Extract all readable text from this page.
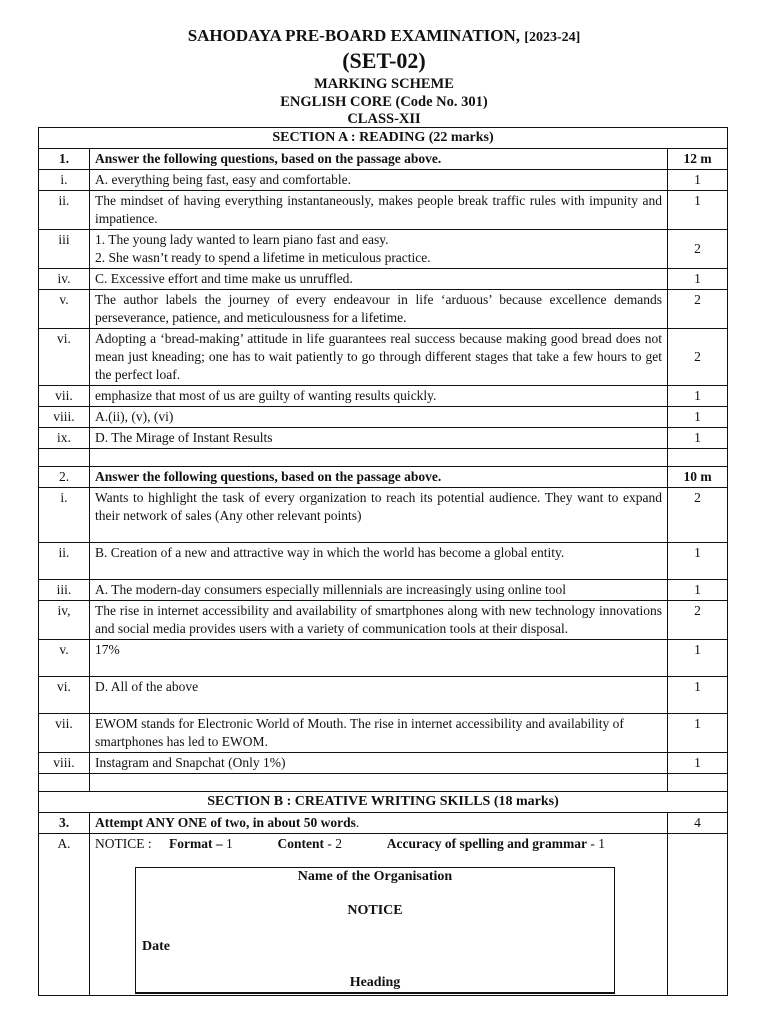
SAHODAYA PRE-BOARD EXAMINATION, [2023-24]

(SET-02)

MARKING SCHEME

ENGLISH CORE (Code No. 301)

CLASS-XII

SECTION A : READING (22 marks)		
1.	Answer the following questions, based on the passage above.	12 m
i.	A. everything being fast, easy and comfortable.	1
ii.	The mindset of having everything instantaneously, makes people break traffic rules with impunity and impatience.	1
iii	1. The young lady wanted to learn piano fast and easy.
2. She wasn’t ready to spend a lifetime in meticulous practice.	2
iv.	C. Excessive effort and time make us unruffled.	1
v.	The author labels the journey of every endeavour in life ‘arduous’ because excellence demands perseverance, patience, and meticulousness for a lifetime.	2
vi.	Adopting a ‘bread-making’ attitude in life guarantees real success because making good bread does not mean just kneading; one has to wait patiently to go through different stages that take a few hours to get the perfect loaf.	2
vii.	emphasize that most of us are guilty of wanting results quickly.	1
viii.	A.(ii), (v), (vi)	1
ix.	D. The Mirage of Instant Results	1

2.	Answer the following questions, based on the passage above.	10 m
i.	Wants to highlight the task of every organization to reach its potential audience. They want to expand their network of sales (Any other relevant points)	2
ii.	B. Creation of a new and attractive way in which the world has become a global entity.	1
iii.	A. The modern-day consumers especially millennials are increasingly using online tool	1
iv,	The rise in internet accessibility and availability of smartphones along with new technology innovations and social media provides users with a variety of communication tools at their disposal.	2
v.	17%	1
vi.	D. All of the above	1
vii.	EWOM stands for Electronic World of Mouth. The rise in internet accessibility and availability of smartphones has led to EWOM.	1
viii.	Instagram and Snapchat (Only 1%)	1

SECTION B : CREATIVE WRITING SKILLS (18 marks)		
3.	Attempt ANY ONE of two, in about 50 words.	4
A.	NOTICE : Format – 1 Content - 2 Accuracy of spelling and grammar - 1
Name of the Organisation
NOTICE
Date
Heading	
